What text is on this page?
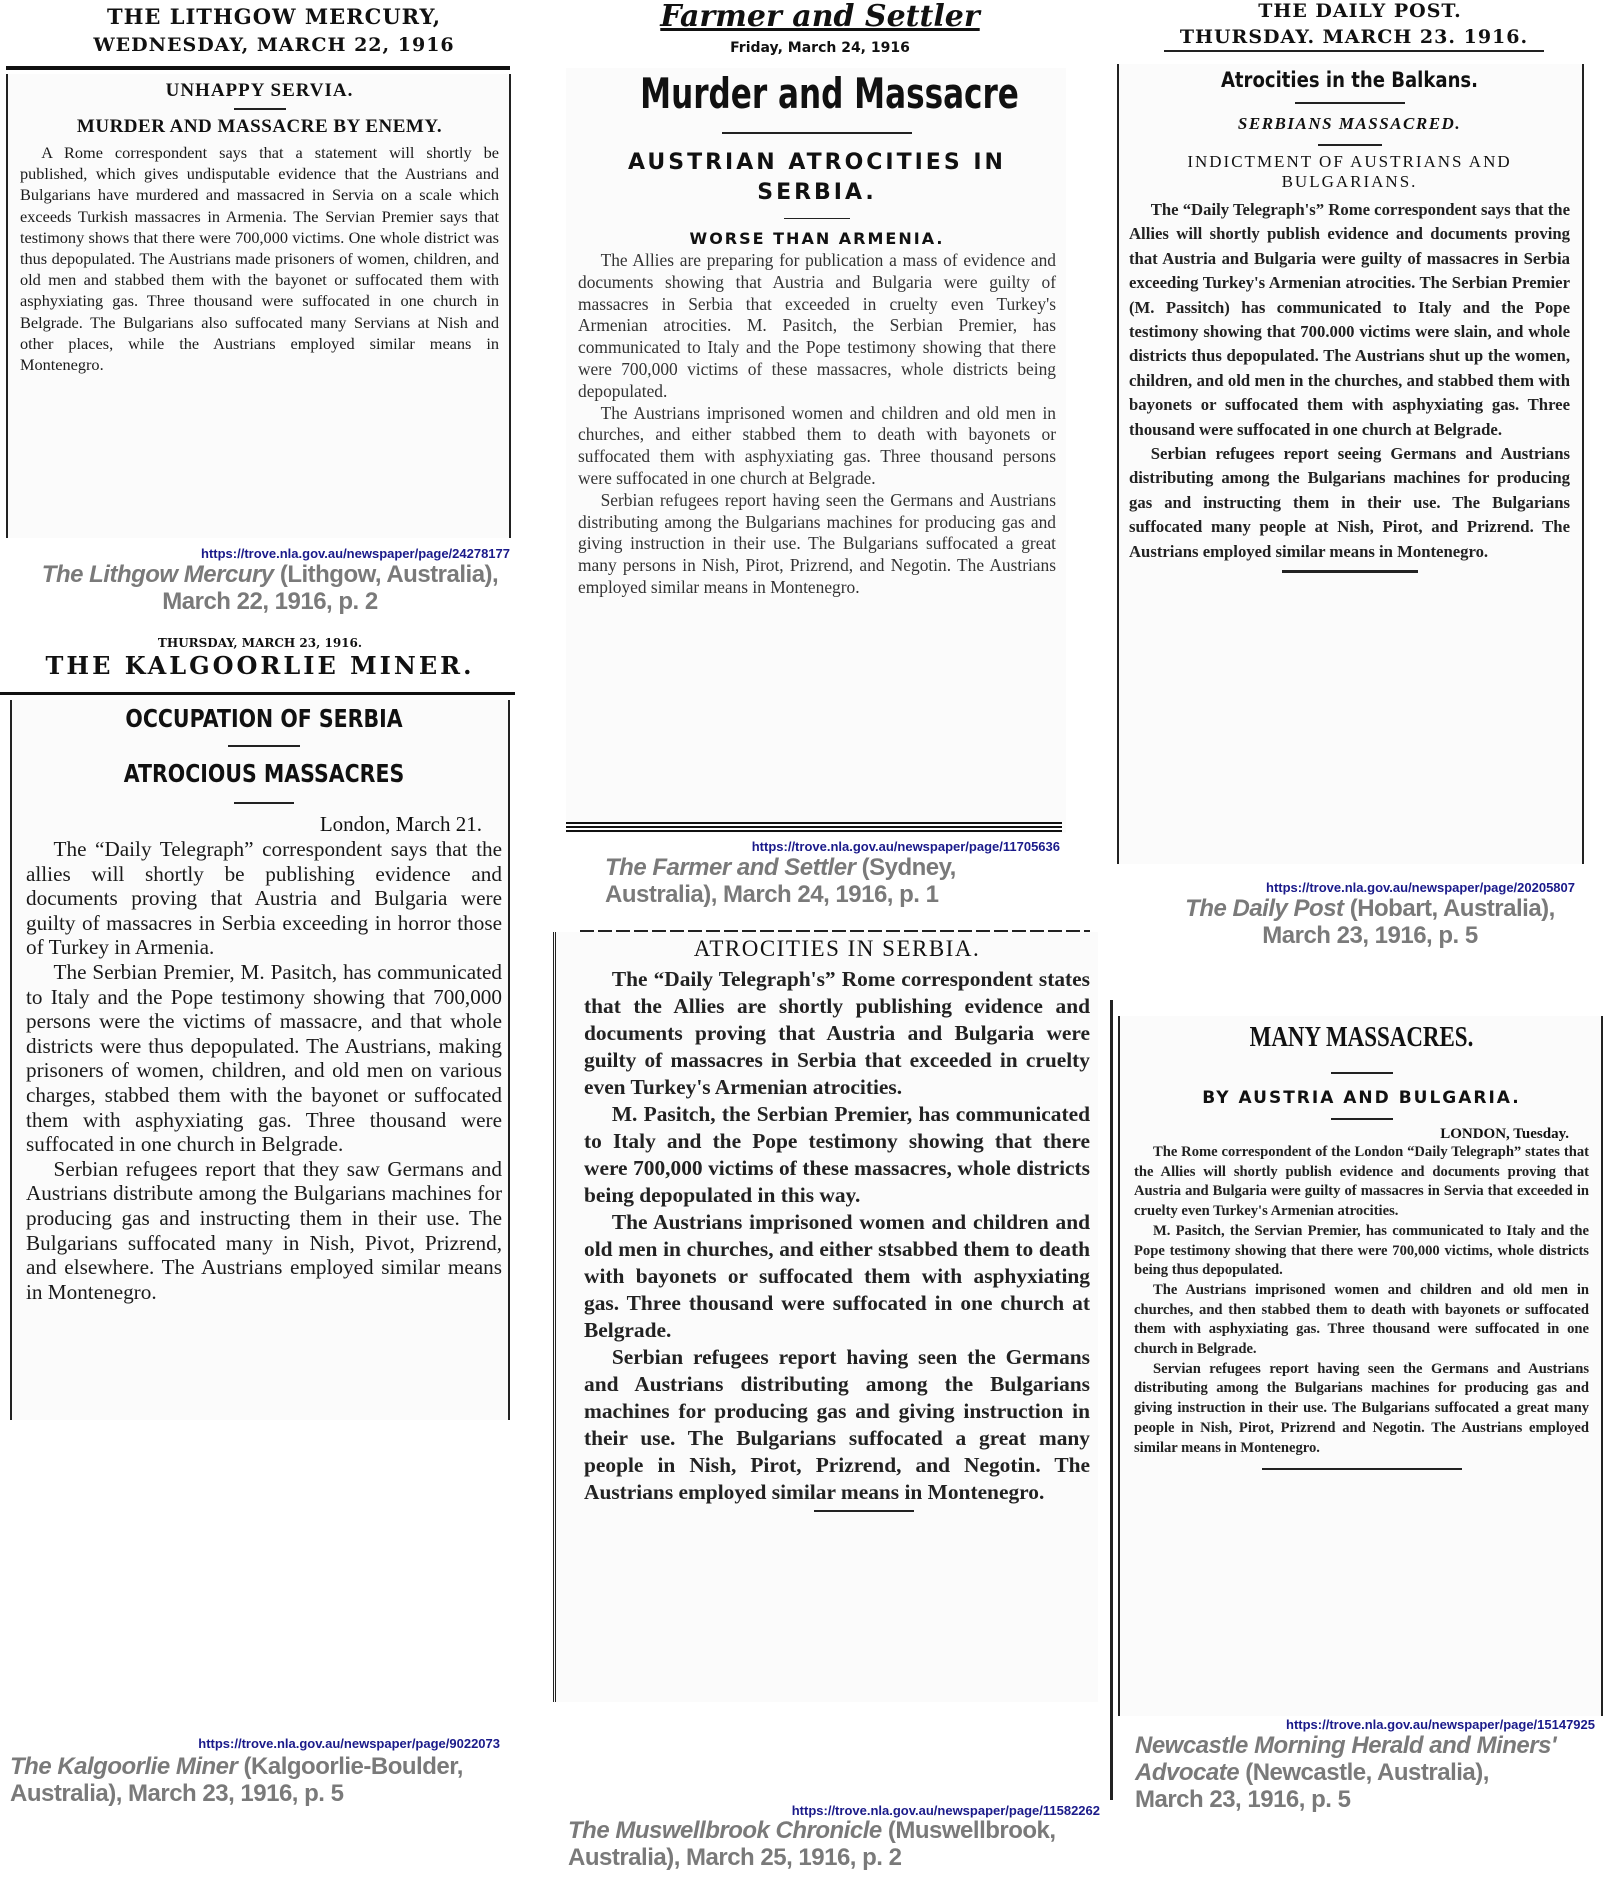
THE LITHGOW MERCURY,
WEDNESDAY, MARCH 22, 1916
UNHAPPY SERVIA.
MURDER AND MASSACRE BY ENEMY.

A Rome correspondent says that a statement will shortly be published, which gives undisputable evidence that the Austrians and Bulgarians have murdered and massacred in Servia on a scale which exceeds Turkish massacres in Armenia. The Servian Premier says that testimony shows that there were 700,000 victims. One whole district was thus depopulated. The Austrians made prisoners of women, children, and old men and stabbed them with the bayonet or suffocated them with asphyxiating gas. Three thousand were suffocated in one church in Belgrade. The Bulgarians also suffocated many Servians at Nish and other places, while the Austrians employed similar means in Montenegro.

https://trove.nla.gov.au/newspaper/page/24278177
The Lithgow Mercury (Lithgow, Australia),
March 22, 1916, p. 2
THURSDAY, MARCH 23, 1916.
THE KALGOORLIE MINER.
OCCUPATION OF SERBIA
ATROCIOUS MASSACRES
London, March 21.

The “Daily Telegraph” correspondent says that the allies will shortly be publishing evidence and documents proving that Austria and Bulgaria were guilty of massacres in Serbia exceeding in horror those of Turkey in Armenia.

The Serbian Premier, M. Pasitch, has communicated to Italy and the Pope testimony showing that 700,000 persons were the victims of massacre, and that whole districts were thus depopulated. The Austrians, making prisoners of women, children, and old men on various charges, stabbed them with the bayonet or suffocated them with asphyxiating gas. Three thousand were suffocated in one church in Belgrade.

Serbian refugees report that they saw Germans and Austrians distribute among the Bulgarians machines for producing gas and instructing them in their use. The Bulgarians suffocated many in Nish, Pivot, Prizrend, and elsewhere. The Austrians employed similar means in Montenegro.

https://trove.nla.gov.au/newspaper/page/9022073
The Kalgoorlie Miner (Kalgoorlie-Boulder,
Australia), March 23, 1916, p. 5
Farmer and Settler
Friday, March 24, 1916
Murder and Massacre
AUSTRIAN ATROCITIES IN SERBIA.
WORSE THAN ARMENIA.

The Allies are preparing for publication a mass of evidence and documents showing that Austria and Bulgaria were guilty of massacres in Serbia that exceeded in cruelty even Turkey's Armenian atrocities. M. Pasitch, the Serbian Premier, has communicated to Italy and the Pope testimony showing that there were 700,000 victims of these massacres, whole districts being depopulated.

The Austrians imprisoned women and children and old men in churches, and either stabbed them to death with bayonets or suffocated them with asphyxiating gas. Three thousand persons were suffocated in one church at Belgrade.

Serbian refugees report having seen the Germans and Austrians distributing among the Bulgarians machines for producing gas and giving instruction in their use. The Bulgarians suffocated a great many persons in Nish, Pirot, Prizrend, and Negotin. The Austrians employed similar means in Montenegro.

https://trove.nla.gov.au/newspaper/page/11705636
The Farmer and Settler (Sydney,
Australia), March 24, 1916, p. 1
ATROCITIES IN SERBIA.

The “Daily Telegraph's” Rome correspondent states that the Allies are shortly publishing evidence and documents proving that Austria and Bulgaria were guilty of massacres in Serbia that exceeded in cruelty even Turkey's Armenian atrocities.

M. Pasitch, the Serbian Premier, has communicated to Italy and the Pope testimony showing that there were 700,000 victims of these massacres, whole districts being depopulated in this way.

The Austrians imprisoned women and children and old men in churches, and either stsabbed them to death with bayonets or suffocated them with asphyxiating gas. Three thousand were suffocated in one church at Belgrade.

Serbian refugees report having seen the Germans and Austrians distributing among the Bulgarians machines for producing gas and giving instruction in their use. The Bulgarians suffocated a great many people in Nish, Pirot, Prizrend, and Negotin. The Austrians employed similar means in Montenegro.

https://trove.nla.gov.au/newspaper/page/11582262
The Muswellbrook Chronicle (Muswellbrook,
Australia), March 25, 1916, p. 2
THE DAILY POST.
THURSDAY. MARCH 23. 1916.
Atrocities in the Balkans.
SERBIANS MASSACRED.
INDICTMENT OF AUSTRIANS AND BULGARIANS.

The “Daily Telegraph's” Rome correspondent says that the Allies will shortly publish evidence and documents proving that Austria and Bulgaria were guilty of massacres in Serbia exceeding Turkey's Armenian atrocities. The Serbian Premier (M. Passitch) has communicated to Italy and the Pope testimony showing that 700.000 victims were slain, and whole districts thus depopulated. The Austrians shut up the women, children, and old men in the churches, and stabbed them with bayonets or suffocated them with asphyxiating gas. Three thousand were suffocated in one church at Belgrade.

Serbian refugees report seeing Germans and Austrians distributing among the Bulgarians machines for producing gas and instructing them in their use. The Bulgarians suffocated many people at Nish, Pirot, and Prizrend. The Austrians employed similar means in Montenegro.

https://trove.nla.gov.au/newspaper/page/20205807
The Daily Post (Hobart, Australia),
March 23, 1916, p. 5
MANY MASSACRES.
BY AUSTRIA AND BULGARIA.
LONDON, Tuesday.

The Rome correspondent of the London “Daily Telegraph” states that the Allies will shortly publish evidence and documents proving that Austria and Bulgaria were guilty of massacres in Servia that exceeded in cruelty even Turkey's Armenian atrocities.

M. Pasitch, the Servian Premier, has communicated to Italy and the Pope testimony showing that there were 700,000 victims, whole districts being thus depopulated.

The Austrians imprisoned women and children and old men in churches, and then stabbed them to death with bayonets or suffocated them with asphyxiating gas. Three thousand were suffocated in one church in Belgrade.

Servian refugees report having seen the Germans and Austrians distributing among the Bulgarians machines for producing gas and giving instruction in their use. The Bulgarians suffocated a great many people in Nish, Pirot, Prizrend and Negotin. The Austrians employed similar means in Montenegro.

https://trove.nla.gov.au/newspaper/page/15147925
Newcastle Morning Herald and Miners' Advocate (Newcastle, Australia),
March 23, 1916, p. 5
